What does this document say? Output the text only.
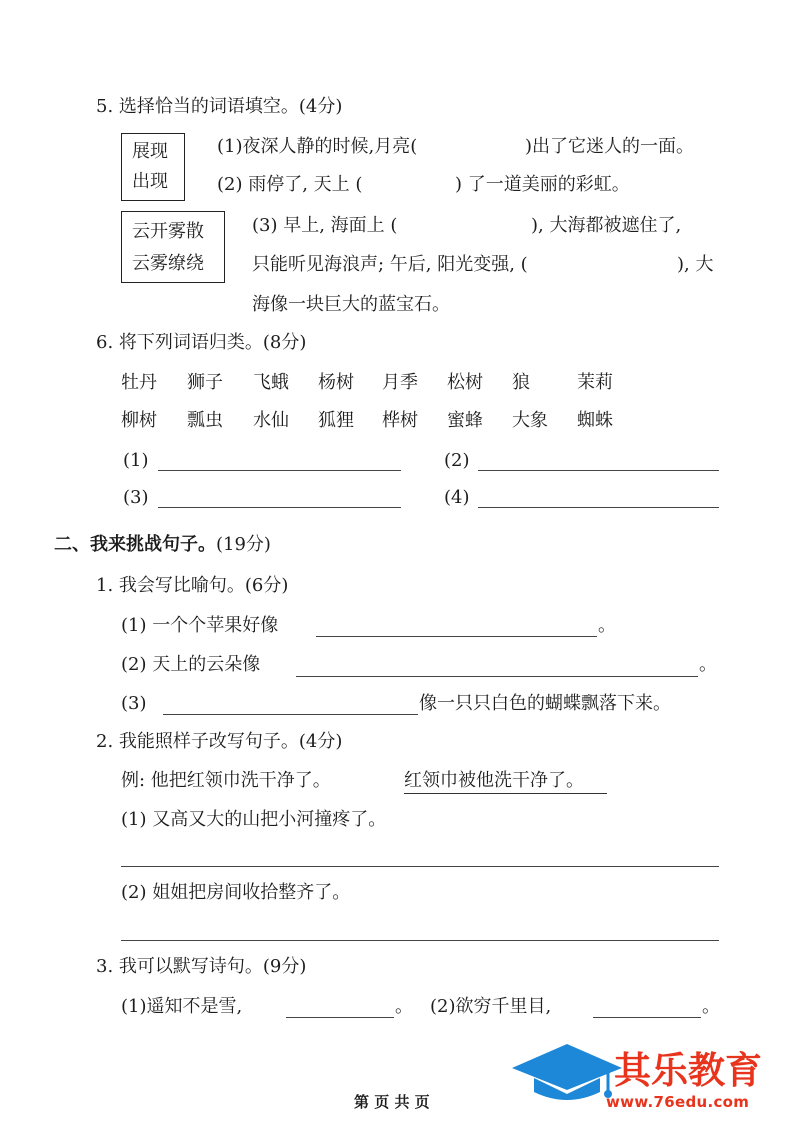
5. 选择恰当的词语填空。(4分)
展现
出现
(1)夜深人静的时候,月亮(	)出了它迷人的一面。
(2) 雨停了, 天上 (	) 了一道美丽的彩虹。
云开雾散
云雾缭绕
(3) 早上, 海面上 (	), 大海都被遮住了,
只能听见海浪声; 午后, 阳光变强, (	), 大
海像一块巨大的蓝宝石。
6. 将下列词语归类。(8分)
牡丹 狮子 飞蛾 杨树 月季 松树 狼	茉莉
柳树 瓢虫 水仙 狐狸 桦树 蜜蜂 大象 蜘蛛
(1)	(2)
(3)	(4)
二、我来挑战句子。(19分)
1. 我会写比喻句。(6分)
(1) 一个个苹果好像	。
(2) 天上的云朵像	。
(3)	像一只只白色的蝴蝶飘落下来。
2. 我能照样子改写句子。(4分)
例: 他把红领巾洗干净了。	红领巾被他洗干净了。
(1) 又高又大的山把小河撞疼了。
(2) 姐姐把房间收拾整齐了。
3. 我可以默写诗句。(9分)
(1)遥知不是雪,	。 (2)欲穷千里目,	。
其乐教育
www.76edu.com
第 页 共 页
